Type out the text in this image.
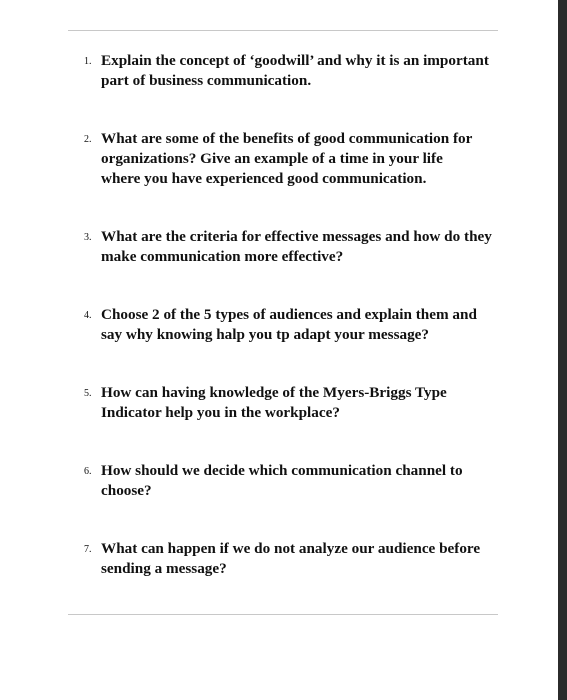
1. Explain the concept of ‘goodwill’ and why it is an important
part of business communication.
2. What are some of the benefits of good communication for
organizations? Give an example of a time in your life
where you have experienced good communication.
3. What are the criteria for effective messages and how do they
make communication more effective?
4. Choose 2 of the 5 types of audiences and explain them and
say why knowing halp you tp adapt your message?
5. How can having knowledge of the Myers-Briggs Type
Indicator help you in the workplace?
6. How should we decide which communication channel to
choose?
7. What can happen if we do not analyze our audience before
sending a message?
